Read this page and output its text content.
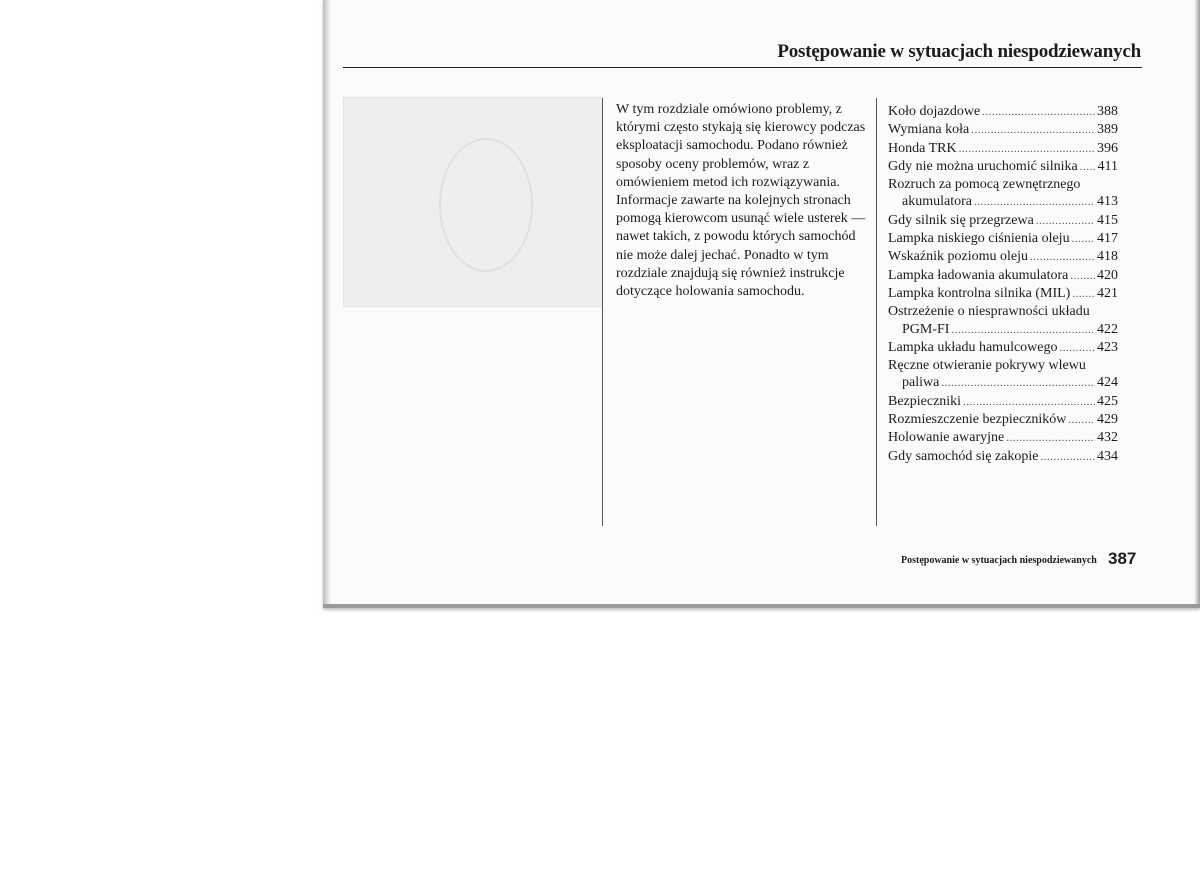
Postępowanie w sytuacjach niespodziewanych

W tym rozdziale omówiono problemy, z którymi często stykają się kierowcy podczas eksploatacji samochodu. Podano również sposoby oceny problemów, wraz z omówieniem metod ich rozwiązywania. Informacje zawarte na kolejnych stronach pomogą kierowcom usunąć wiele usterek — nawet takich, z powodu których samochód nie może dalej jechać. Ponadto w tym rozdziale znajdują się również instrukcje dotyczące holowania samochodu.
Koło dojazdowe .....	388
Wymiana koła .....	389
Honda TRK .....	396
Gdy nie można uruchomić silnika ..... 411
Rozruch za pomocą zewnętrznego
akumulatora .....	413
Gdy silnik się przegrzewa .....	415
Lampka niskiego ciśnienia oleju ..... 417
Wskaźnik poziomu oleju .....	418
Lampka ładowania akumulatora ..... 420
Lampka kontrolna silnika (MIL) ..... 421
Ostrzeżenie o niesprawności układu
PGM-FI .....	422
Lampka układu hamulcowego .....	423
Ręczne otwieranie pokrywy wlewu
paliwa .....	424
Bezpieczniki .....	425
Rozmieszczenie bezpieczników ..... 429
Holowanie awaryjne .....	432
Gdy samochód się zakopie .....	434
Postępowanie w sytuacjach niespodziewanych 387
